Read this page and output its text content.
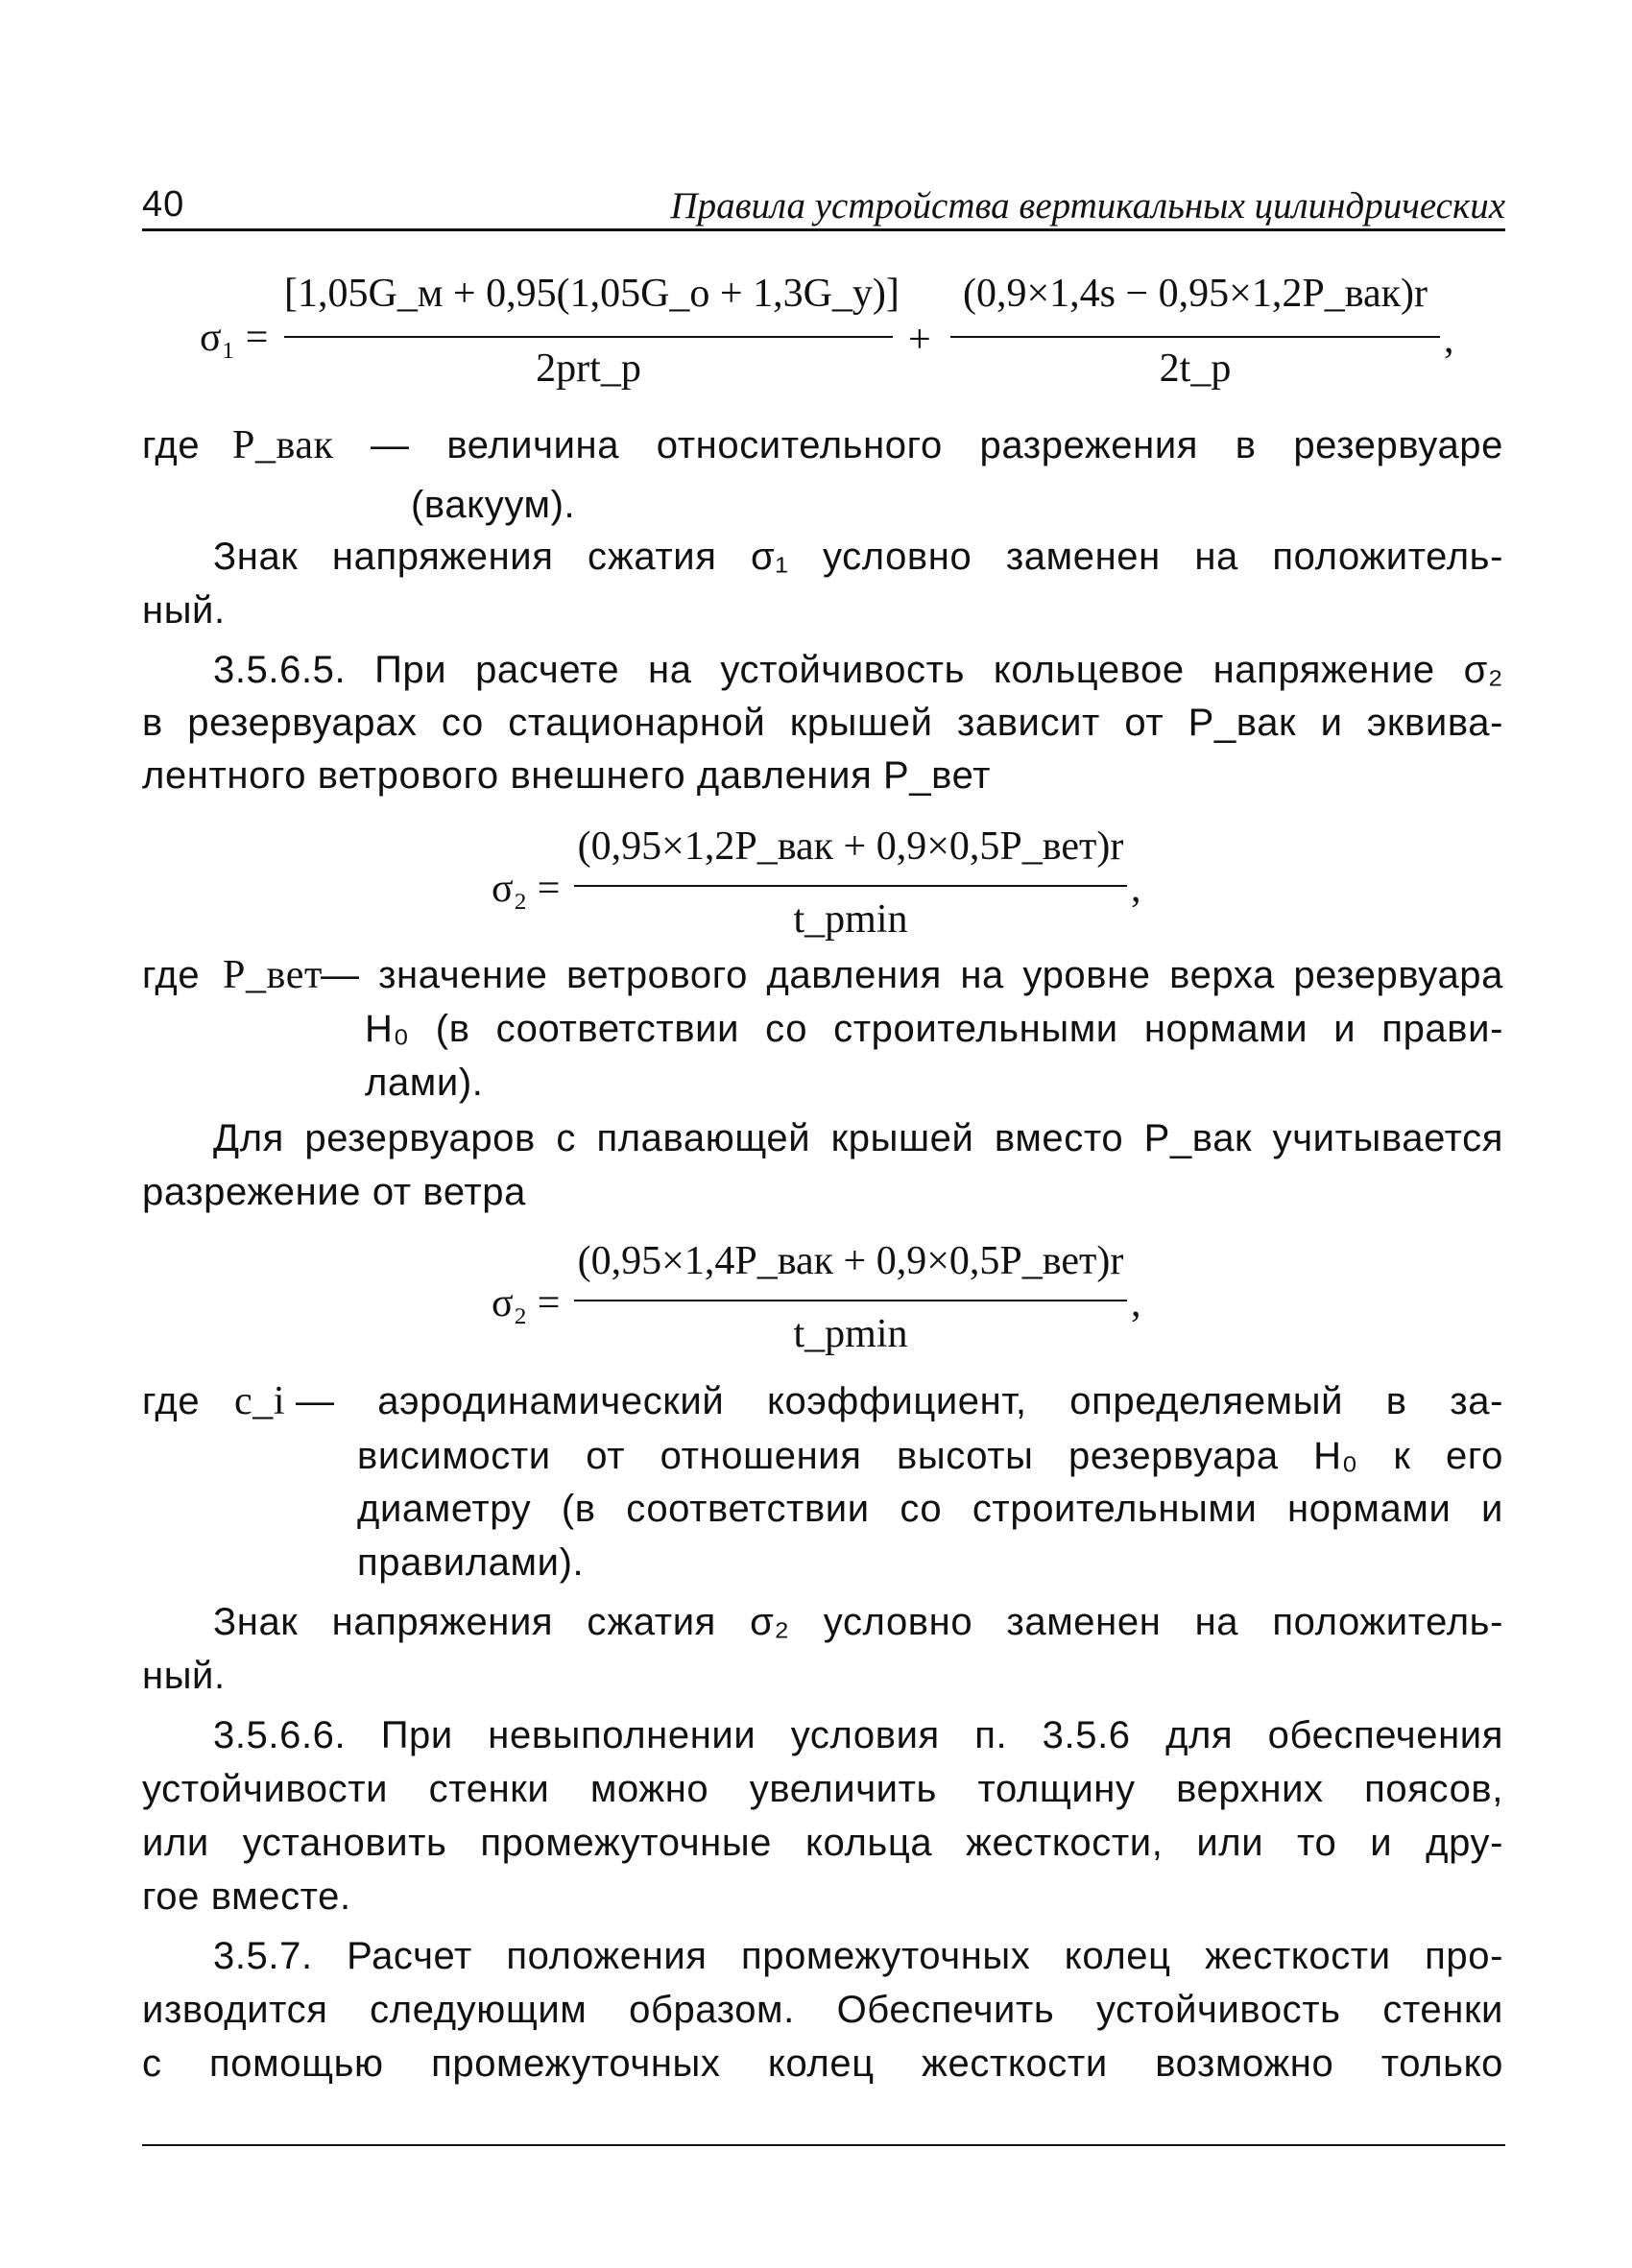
40	Правила устройства вертикальных цилиндрических
σ₁ =
[1,05G_м + 0,95(1,05G_о + 1,3G_у)]
2prt_р
+
(0,9×1,4s − 0,95×1,2P_вак)r
2t_р
,
где P_вак — величина относительного разрежения в резервуаре
(вакуум).
Знак напряжения сжатия σ₁ условно заменен на положитель-
ный.
3.5.6.5. При расчете на устойчивость кольцевое напряжение σ₂
в резервуарах со стационарной крышей зависит от P_вак и эквива-
лентного ветрового внешнего давления P_вет
σ₂ =
(0,95×1,2P_вак + 0,9×0,5P_вет)r
t_pmin
,
где P_вет
— значение ветрового давления на уровне верха резервуара
H₀ (в соответствии со строительными нормами и прави-
лами).
Для резервуаров с плавающей крышей вместо P_вак учитывается
разрежение от ветра
σ₂ =
(0,95×1,4P_вак + 0,9×0,5P_вет)r
t_pmin
,
где c_i — аэродинамический коэффициент, определяемый в за-
висимости от отношения высоты резервуара H₀ к его
диаметру (в соответствии со строительными нормами и
правилами).
Знак напряжения сжатия σ₂ условно заменен на положитель-
ный.
3.5.6.6. При невыполнении условия п. 3.5.6 для обеспечения
устойчивости стенки можно увеличить толщину верхних поясов,
или установить промежуточные кольца жесткости, или то и дру-
гое вместе.
3.5.7. Расчет положения промежуточных колец жесткости про-
изводится следующим образом. Обеспечить устойчивость стенки
с помощью промежуточных колец жесткости возможно только
